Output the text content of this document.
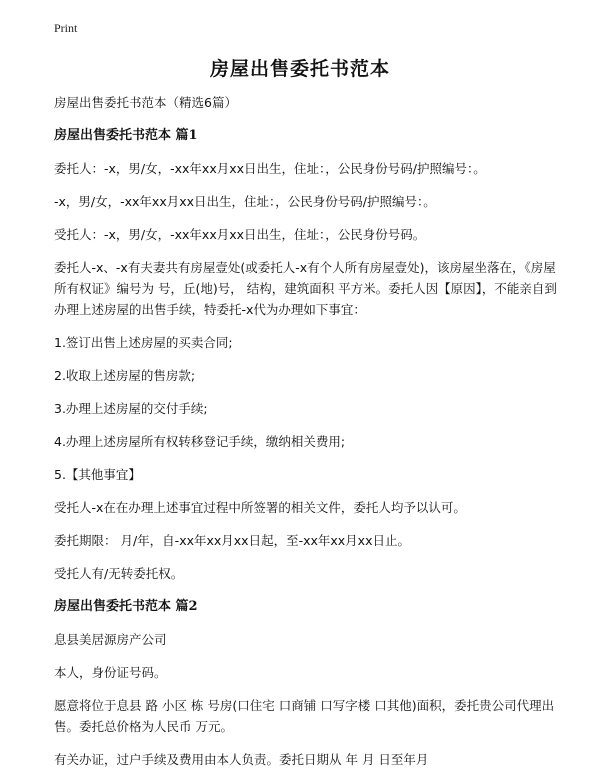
Print
房屋出售委托书范本
房屋出售委托书范本（精选6篇）
房屋出售委托书范本 篇1
委托人：-x，男/女，-xx年xx月xx日出生，住址：，公民身份号码/护照编号：。
-x，男/女，-xx年xx月xx日出生，住址：，公民身份号码/护照编号：。
受托人：-x，男/女，-xx年xx月xx日出生，住址：，公民身份号码。
委托人-x、-x有夫妻共有房屋壹处(或委托人-x有个人所有房屋壹处)，该房屋坐落在，《房屋所有权证》编号为 号，丘(地)号， 结构，建筑面积 平方米。委托人因【原因】，不能亲自到 办理上述房屋的出售手续，特委托-x代为办理如下事宜：
1.签订出售上述房屋的买卖合同;
2.收取上述房屋的售房款;
3.办理上述房屋的交付手续;
4.办理上述房屋所有权转移登记手续，缴纳相关费用;
5.【其他事宜】
受托人-x在在办理上述事宜过程中所签署的相关文件，委托人均予以认可。
委托期限： 月/年，自-xx年xx月xx日起，至-xx年xx月xx日止。
受托人有/无转委托权。
房屋出售委托书范本 篇2
息县美居源房产公司
本人，身份证号码。
愿意将位于息县 路 小区 栋 号房(口住宅 口商铺 口写字楼 口其他)面积，委托贵公司代理出售。委托总价格为人民币 万元。
有关办证，过户手续及费用由本人负责。委托日期从 年 月 日至年月
